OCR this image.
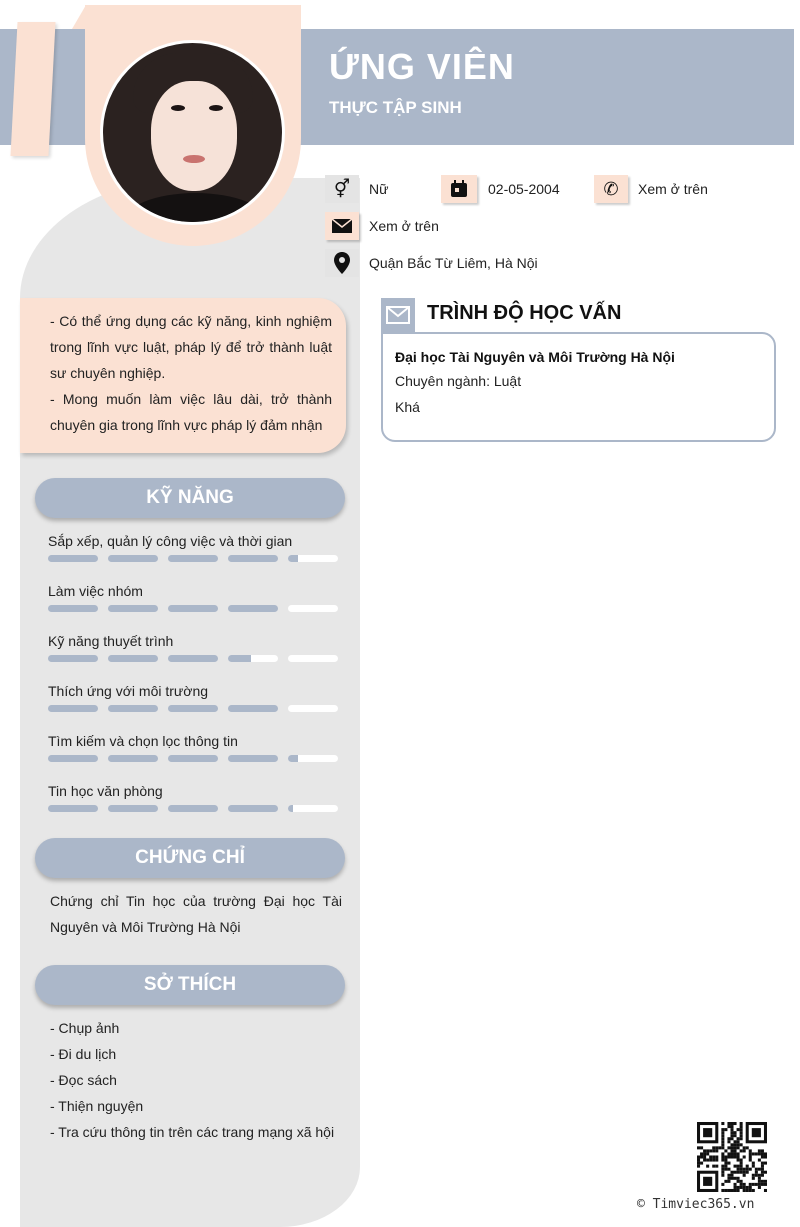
ỨNG VIÊN
THỰC TẬP SINH
⚥	Nữ	02-05-2004	✆	Xem ở trên
Xem ở trên
Quận Bắc Từ Liêm, Hà Nội

- Có thể ứng dụng các kỹ năng, kinh nghiệm trong lĩnh vực luật, pháp lý để trở thành luật sư chuyên nghiệp.

- Mong muốn làm việc lâu dài, trở thành chuyên gia trong lĩnh vực pháp lý đảm nhận

KỸ NĂNG
Sắp xếp, quản lý công việc và thời gian
Làm việc nhóm
Kỹ năng thuyết trình
Thích ứng với môi trường
Tìm kiếm và chọn lọc thông tin
Tin học văn phòng
CHỨNG CHỈ
Chứng chỉ Tin học của trường Đại học Tài Nguyên và Môi Trường Hà Nội
SỞ THÍCH
- Chụp ảnh
- Đi du lịch
- Đọc sách
- Thiện nguyện
- Tra cứu thông tin trên các trang mạng xã hội
TRÌNH ĐỘ HỌC VẤN
Đại học Tài Nguyên và Môi Trường Hà Nội
Chuyên ngành: Luật
Khá
© Timviec365.vn
